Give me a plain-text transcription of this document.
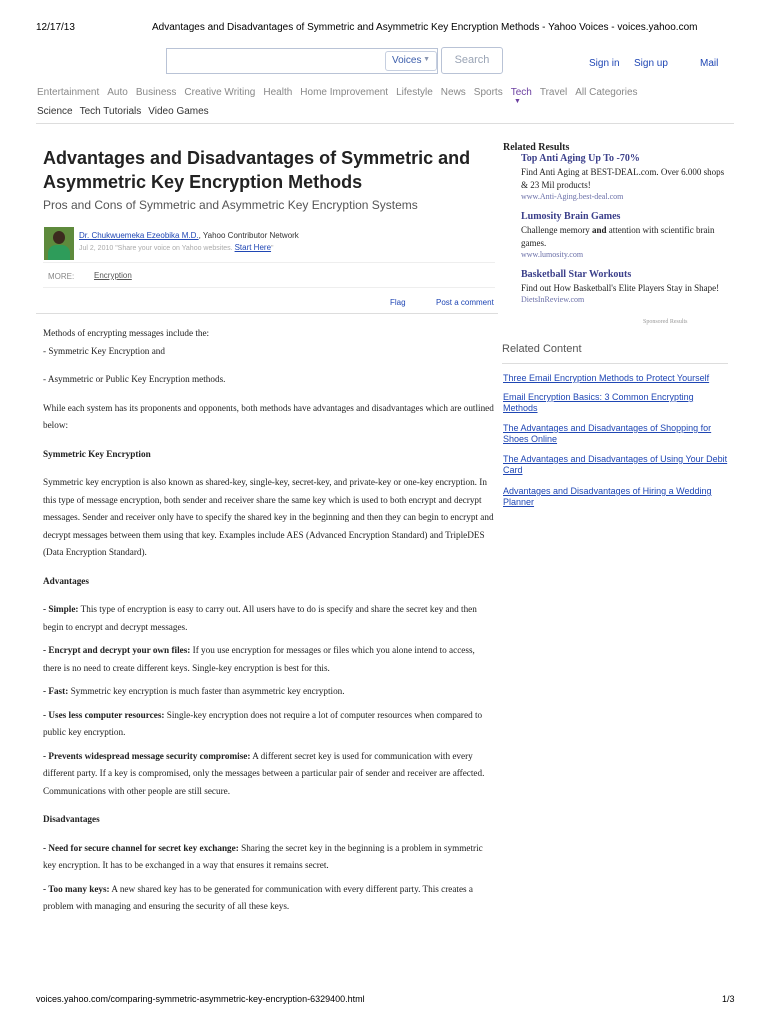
12/17/13	Advantages and Disadvantages of Symmetric and Asymmetric Key Encryption Methods - Yahoo Voices - voices.yahoo.com
Voices ▼	Search	Sign in Sign up	Mail
Entertainment Auto Business Creative Writing Health Home Improvement Lifestyle News Sports Tech Travel All Categories
▼
Science Tech Tutorials Video Games
Advantages and Disadvantages of Symmetric and
Asymmetric Key Encryption Methods
Pros and Cons of Symmetric and Asymmetric Key Encryption Systems
Dr. Chukwuemeka Ezeobika M.D., Yahoo Contributor Network
Jul 2, 2010 "Share your voice on Yahoo websites. Start Here"
MORE: Encryption
Flag	Post a comment

Methods of encrypting messages include the:

- Symmetric Key Encryption and

- Asymmetric or Public Key Encryption methods.

While each system has its proponents and opponents, both methods have advantages and disadvantages which are outlined below:

Symmetric Key Encryption

Symmetric key encryption is also known as shared-key, single-key, secret-key, and private-key or one-key encryption. In this type of message encryption, both sender and receiver share the same key which is used to both encrypt and decrypt messages. Sender and receiver only have to specify the shared key in the beginning and then they can begin to encrypt and decrypt messages between them using that key. Examples include AES (Advanced Encryption Standard) and TripleDES (Data Encryption Standard).

Advantages

- Simple: This type of encryption is easy to carry out. All users have to do is specify and share the secret key and then begin to encrypt and decrypt messages.

- Encrypt and decrypt your own files: If you use encryption for messages or files which you alone intend to access, there is no need to create different keys. Single-key encryption is best for this.

- Fast: Symmetric key encryption is much faster than asymmetric key encryption.

- Uses less computer resources: Single-key encryption does not require a lot of computer resources when compared to public key encryption.

- Prevents widespread message security compromise: A different secret key is used for communication with every different party. If a key is compromised, only the messages between a particular pair of sender and receiver are affected. Communications with other people are still secure.

Disadvantages

- Need for secure channel for secret key exchange: Sharing the secret key in the beginning is a problem in symmetric key encryption. It has to be exchanged in a way that ensures it remains secret.

- Too many keys: A new shared key has to be generated for communication with every different party. This creates a problem with managing and ensuring the security of all these keys.

Related Results
Top Anti Aging Up To -70%
Find Anti Aging at BEST-DEAL.com. Over 6.000 shops & 23 Mil products!
www.Anti-Aging.best-deal.com
Lumosity Brain Games
Challenge memory and attention with scientific brain games.
www.lumosity.com
Basketball Star Workouts
Find out How Basketball's Elite Players Stay in Shape!
DietsInReview.com
Sponsored Results
Related Content
Three Email Encryption Methods to Protect Yourself
Email Encryption Basics: 3 Common Encrypting Methods
The Advantages and Disadvantages of Shopping for Shoes Online
The Advantages and Disadvantages of Using Your Debit Card
Advantages and Disadvantages of Hiring a Wedding Planner
voices.yahoo.com/comparing-symmetric-asymmetric-key-encryption-6329400.html	1/3
